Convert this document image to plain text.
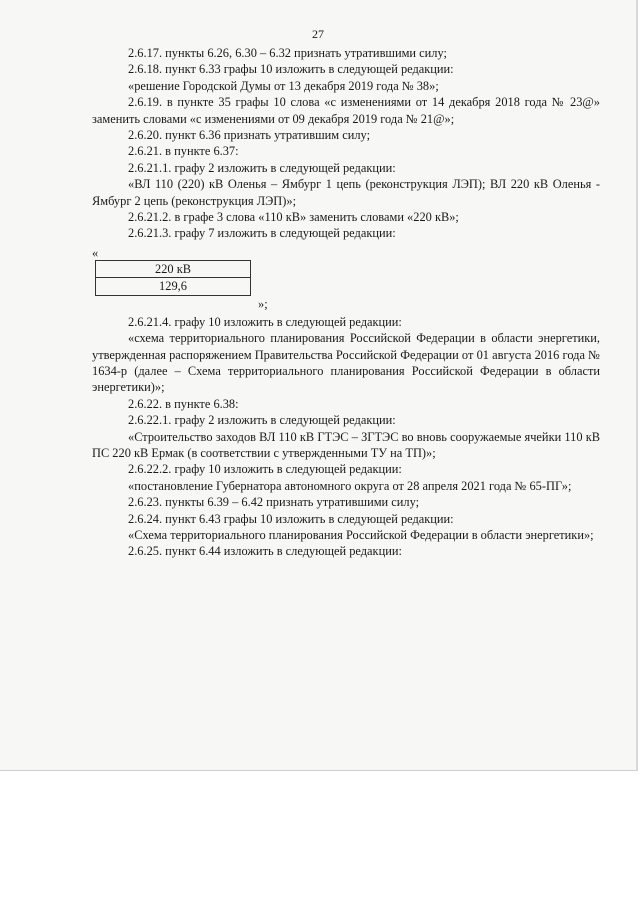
27

2.6.17. пункты 6.26, 6.30 – 6.32 признать утратившими силу;

2.6.18. пункт 6.33 графы 10 изложить в следующей редакции:

«решение Городской Думы от 13 декабря 2019 года № 38»;

2.6.19. в пункте 35 графы 10 слова «с изменениями от 14 декабря 2018 года № 23@» заменить словами «с изменениями от 09 декабря 2019 года № 21@»;

2.6.20. пункт 6.36 признать утратившим силу;

2.6.21. в пункте 6.37:

2.6.21.1. графу 2 изложить в следующей редакции:

«ВЛ 110 (220) кВ Оленья – Ямбург 1 цепь (реконструкция ЛЭП); ВЛ 220 кВ Оленья - Ямбург 2 цепь (реконструкция ЛЭП)»;

2.6.21.2. в графе 3 слова «110 кВ» заменить словами «220 кВ»;

2.6.21.3. графу 7 изложить в следующей редакции:

«
220 кВ
129,6
»;

2.6.21.4. графу 10 изложить в следующей редакции:

«схема территориального планирования Российской Федерации в области энергетики, утвержденная распоряжением Правительства Российской Федерации от 01 августа 2016 года № 1634-р (далее – Схема территориального планирования Российской Федерации в области энергетики)»;

2.6.22. в пункте 6.38:

2.6.22.1. графу 2 изложить в следующей редакции:

«Строительство заходов ВЛ 110 кВ ГТЭС – ЗГТЭС во вновь сооружаемые ячейки 110 кВ ПС 220 кВ Ермак (в соответствии с утвержденными ТУ на ТП)»;

2.6.22.2. графу 10 изложить в следующей редакции:

«постановление Губернатора автономного округа от 28 апреля 2021 года № 65-ПГ»;

2.6.23. пункты 6.39 – 6.42 признать утратившими силу;

2.6.24. пункт 6.43 графы 10 изложить в следующей редакции:

«Схема территориального планирования Российской Федерации в области энергетики»;

2.6.25. пункт 6.44 изложить в следующей редакции:
